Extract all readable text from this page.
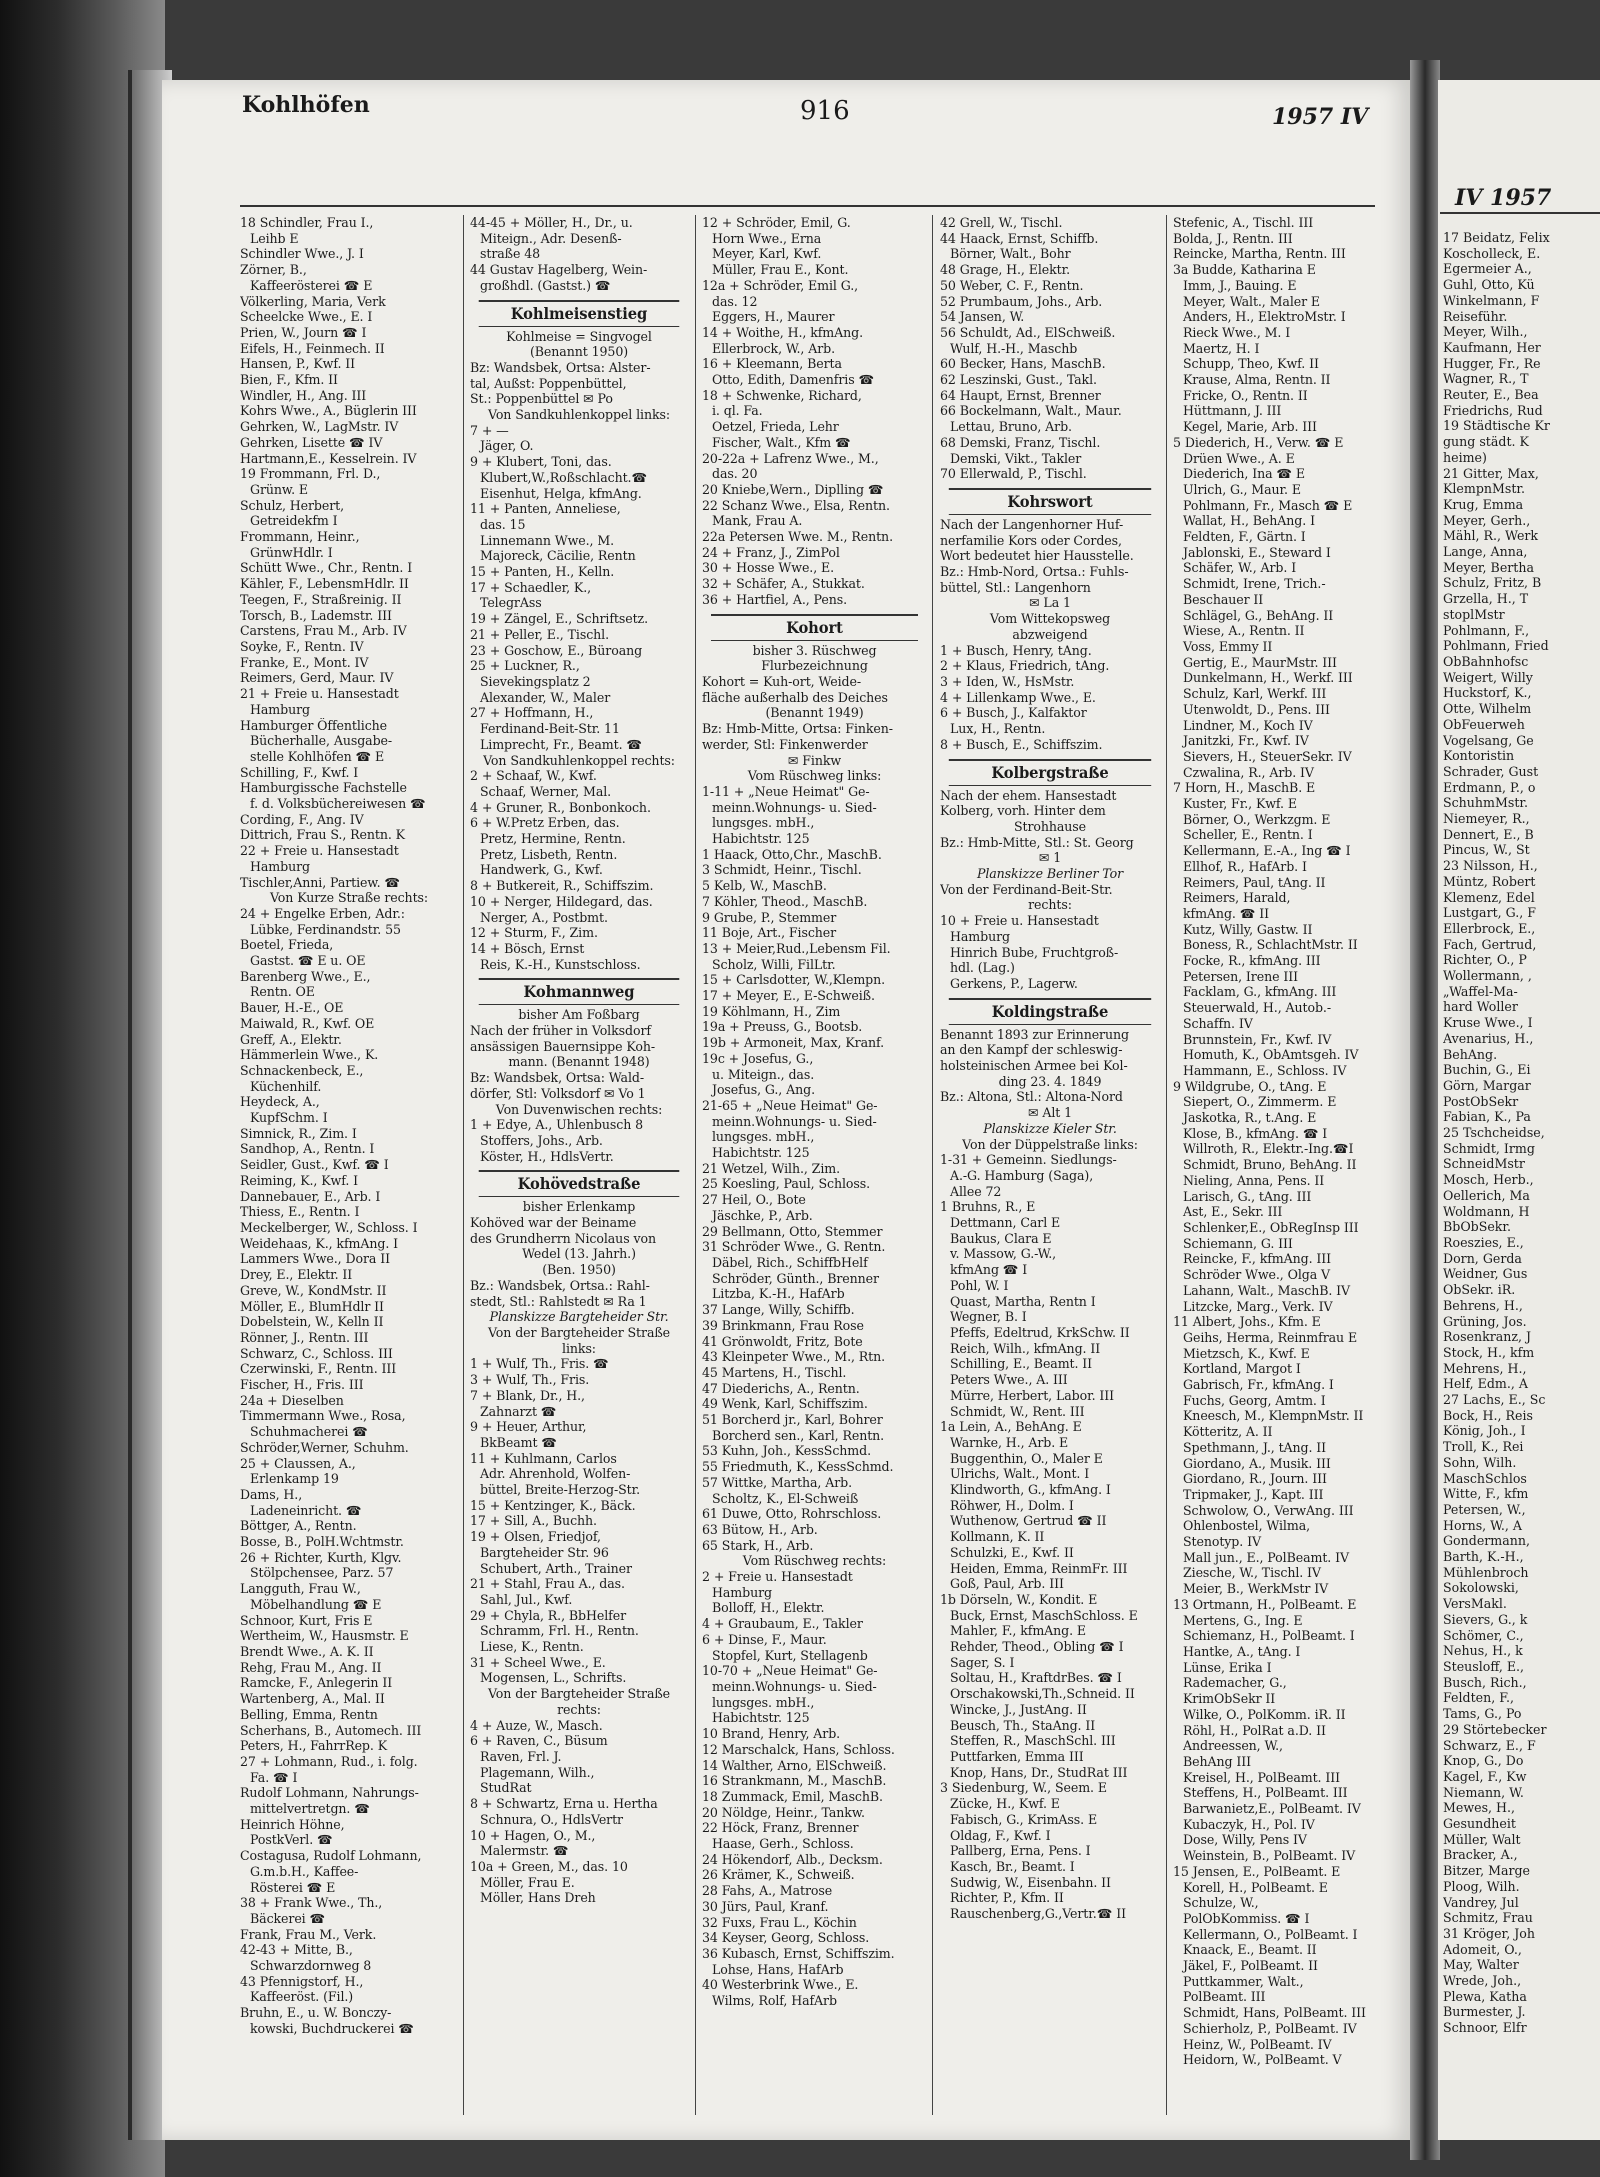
Kohlhöfen	916	1957 IV
18 Schindler, Frau I.,
Leihb E
Schindler Wwe., J. I
Zörner, B.,
Kaffeerösterei ☎ E
Völkerling, Maria, Verk
Scheelcke Wwe., E. I
Prien, W., Journ ☎ I
Eifels, H., Feinmech. II
Hansen, P., Kwf. II
Bien, F., Kfm. II
Windler, H., Ang. III
Kohrs Wwe., A., Büglerin III
Gehrken, W., LagMstr. IV
Gehrken, Lisette ☎ IV
Hartmann,E., Kesselrein. IV
19 Frommann, Frl. D.,
Grünw. E
Schulz, Herbert,
Getreidekfm I
Frommann, Heinr.,
GrünwHdlr. I
Schütt Wwe., Chr., Rentn. I
Kähler, F., LebensmHdlr. II
Teegen, F., Straßreinig. II
Torsch, B., Lademstr. III
Carstens, Frau M., Arb. IV
Soyke, F., Rentn. IV
Franke, E., Mont. IV
Reimers, Gerd, Maur. IV
21 + Freie u. Hansestadt
Hamburg
Hamburger Öffentliche
Bücherhalle, Ausgabe-
stelle Kohlhöfen ☎ E
Schilling, F., Kwf. I
Hamburgissche Fachstelle
f. d. Volksbüchereiwesen ☎
Cording, F., Ang. IV
Dittrich, Frau S., Rentn. K
22 + Freie u. Hansestadt
Hamburg
Tischler,Anni, Partiew. ☎
Von Kurze Straße rechts:
24 + Engelke Erben, Adr.:
Lübke, Ferdinandstr. 55
Boetel, Frieda,
Gastst. ☎ E u. OE
Barenberg Wwe., E.,
Rentn. OE
Bauer, H.-E., OE
Maiwald, R., Kwf. OE
Greff, A., Elektr.
Hämmerlein Wwe., K.
Schnackenbeck, E.,
Küchenhilf.
Heydeck, A.,
KupfSchm. I
Simnick, R., Zim. I
Sandhop, A., Rentn. I
Seidler, Gust., Kwf. ☎ I
Reiming, K., Kwf. I
Dannebauer, E., Arb. I
Thiess, E., Rentn. I
Meckelberger, W., Schloss. I
Weidehaas, K., kfmAng. I
Lammers Wwe., Dora II
Drey, E., Elektr. II
Greve, W., KondMstr. II
Möller, E., BlumHdlr II
Dobelstein, W., Kelln II
Rönner, J., Rentn. III
Schwarz, C., Schloss. III
Czerwinski, F., Rentn. III
Fischer, H., Fris. III
24a + Dieselben
Timmermann Wwe., Rosa,
Schuhmacherei ☎
Schröder,Werner, Schuhm.
25 + Claussen, A.,
Erlenkamp 19
Dams, H.,
Ladeneinricht. ☎
Böttger, A., Rentn.
Bosse, B., PolH.Wchtmstr.
26 + Richter, Kurth, Klgv.
Stölpchensee, Parz. 57
Langguth, Frau W.,
Möbelhandlung ☎ E
Schnoor, Kurt, Fris E
Wertheim, W., Hausmstr. E
Brendt Wwe., A. K. II
Rehg, Frau M., Ang. II
Ramcke, F., Anlegerin II
Wartenberg, A., Mal. II
Belling, Emma, Rentn
Scherhans, B., Automech. III
Peters, H., FahrrRep. K
27 + Lohmann, Rud., i. folg.
Fa. ☎ I
Rudolf Lohmann, Nahrungs-
mittelvertretgn. ☎
Heinrich Höhne,
PostkVerl. ☎
Costagusa, Rudolf Lohmann,
G.m.b.H., Kaffee-
Rösterei ☎ E
38 + Frank Wwe., Th.,
Bäckerei ☎
Frank, Frau M., Verk.
42-43 + Mitte, B.,
Schwarzdornweg 8
43 Pfennigstorf, H.,
Kaffeeröst. (Fil.)
Bruhn, E., u. W. Bonczy-
kowski, Buchdruckerei ☎
44-45 + Möller, H., Dr., u.
Miteign., Adr. Desenß-
straße 48
44 Gustav Hagelberg, Wein-
großhdl. (Gastst.) ☎
Kohlmeisenstieg
Kohlmeise = Singvogel
(Benannt 1950)
Bz: Wandsbek, Ortsa: Alster-
tal, Außst: Poppenbüttel,
St.: Poppenbüttel ✉ Po
Von Sandkuhlenkoppel links:
7 + —
Jäger, O.
9 + Klubert, Toni, das.
Klubert,W.,Roßschlacht.☎
Eisenhut, Helga, kfmAng.
11 + Panten, Anneliese,
das. 15
Linnemann Wwe., M.
Majoreck, Cäcilie, Rentn
15 + Panten, H., Kelln.
17 + Schaedler, K.,
TelegrAss
19 + Zängel, E., Schriftsetz.
21 + Peller, E., Tischl.
23 + Goschow, E., Büroang
25 + Luckner, R.,
Sievekingsplatz 2
Alexander, W., Maler
27 + Hoffmann, H.,
Ferdinand-Beit-Str. 11
Limprecht, Fr., Beamt. ☎
Von Sandkuhlenkoppel rechts:
2 + Schaaf, W., Kwf.
Schaaf, Werner, Mal.
4 + Gruner, R., Bonbonkoch.
6 + W.Pretz Erben, das.
Pretz, Hermine, Rentn.
Pretz, Lisbeth, Rentn.
Handwerk, G., Kwf.
8 + Butkereit, R., Schiffszim.
10 + Nerger, Hildegard, das.
Nerger, A., Postbmt.
12 + Sturm, F., Zim.
14 + Bösch, Ernst
Reis, K.-H., Kunstschloss.
Kohmannweg
bisher Am Foßbarg
Nach der früher in Volksdorf
ansässigen Bauernsippe Koh-
mann. (Benannt 1948)
Bz: Wandsbek, Ortsa: Wald-
dörfer, Stl: Volksdorf ✉ Vo 1
Von Duvenwischen rechts:
1 + Edye, A., Uhlenbusch 8
Stoffers, Johs., Arb.
Köster, H., HdlsVertr.
Kohövedstraße
bisher Erlenkamp
Kohöved war der Beiname
des Grundherrn Nicolaus von
Wedel (13. Jahrh.)
(Ben. 1950)
Bz.: Wandsbek, Ortsa.: Rahl-
stedt, Stl.: Rahlstedt ✉ Ra 1
Planskizze Bargteheider Str.
Von der Bargteheider Straße
links:
1 + Wulf, Th., Fris. ☎
3 + Wulf, Th., Fris.
7 + Blank, Dr., H.,
Zahnarzt ☎
9 + Heuer, Arthur,
BkBeamt ☎
11 + Kuhlmann, Carlos
Adr. Ahrenhold, Wolfen-
büttel, Breite-Herzog-Str.
15 + Kentzinger, K., Bäck.
17 + Sill, A., Buchh.
19 + Olsen, Friedjof,
Bargteheider Str. 96
Schubert, Arth., Trainer
21 + Stahl, Frau A., das.
Sahl, Jul., Kwf.
29 + Chyla, R., BbHelfer
Schramm, Frl. H., Rentn.
Liese, K., Rentn.
31 + Scheel Wwe., E.
Mogensen, L., Schrifts.
Von der Bargteheider Straße
rechts:
4 + Auze, W., Masch.
6 + Raven, C., Büsum
Raven, Frl. J.
Plagemann, Wilh.,
StudRat
8 + Schwartz, Erna u. Hertha
Schnura, O., HdlsVertr
10 + Hagen, O., M.,
Malermstr. ☎
10a + Green, M., das. 10
Möller, Frau E.
Möller, Hans Dreh
12 + Schröder, Emil, G.
Horn Wwe., Erna
Meyer, Karl, Kwf.
Müller, Frau E., Kont.
12a + Schröder, Emil G.,
das. 12
Eggers, H., Maurer
14 + Woithe, H., kfmAng.
Ellerbrock, W., Arb.
16 + Kleemann, Berta
Otto, Edith, Damenfris ☎
18 + Schwenke, Richard,
i. ql. Fa.
Oetzel, Frieda, Lehr
Fischer, Walt., Kfm ☎
20-22a + Lafrenz Wwe., M.,
das. 20
20 Kniebe,Wern., Diplling ☎
22 Schanz Wwe., Elsa, Rentn.
Mank, Frau A.
22a Petersen Wwe. M., Rentn.
24 + Franz, J., ZimPol
30 + Hosse Wwe., E.
32 + Schäfer, A., Stukkat.
36 + Hartfiel, A., Pens.
Kohort
bisher 3. Rüschweg
Flurbezeichnung
Kohort = Kuh-ort, Weide-
fläche außerhalb des Deiches
(Benannt 1949)
Bz: Hmb-Mitte, Ortsa: Finken-
werder, Stl: Finkenwerder
✉ Finkw
Vom Rüschweg links:
1-11 + „Neue Heimat" Ge-
meinn.Wohnungs- u. Sied-
lungsges. mbH.,
Habichtstr. 125
1 Haack, Otto,Chr., MaschB.
3 Schmidt, Heinr., Tischl.
5 Kelb, W., MaschB.
7 Köhler, Theod., MaschB.
9 Grube, P., Stemmer
11 Boje, Art., Fischer
13 + Meier,Rud.,Lebensm Fil.
Scholz, Willi, FilLtr.
15 + Carlsdotter, W.,Klempn.
17 + Meyer, E., E-Schweiß.
19 Köhlmann, H., Zim
19a + Preuss, G., Bootsb.
19b + Armoneit, Max, Kranf.
19c + Josefus, G.,
u. Miteign., das.
Josefus, G., Ang.
21-65 + „Neue Heimat" Ge-
meinn.Wohnungs- u. Sied-
lungsges. mbH.,
Habichtstr. 125
21 Wetzel, Wilh., Zim.
25 Koesling, Paul, Schloss.
27 Heil, O., Bote
Jäschke, P., Arb.
29 Bellmann, Otto, Stemmer
31 Schröder Wwe., G. Rentn.
Däbel, Rich., SchiffbHelf
Schröder, Günth., Brenner
Litzba, K.-H., HafArb
37 Lange, Willy, Schiffb.
39 Brinkmann, Frau Rose
41 Grönwoldt, Fritz, Bote
43 Kleinpeter Wwe., M., Rtn.
45 Martens, H., Tischl.
47 Diederichs, A., Rentn.
49 Wenk, Karl, Schiffszim.
51 Borcherd jr., Karl, Bohrer
Borcherd sen., Karl, Rentn.
53 Kuhn, Joh., KessSchmd.
55 Friedmuth, K., KessSchmd.
57 Wittke, Martha, Arb.
Scholtz, K., El-Schweiß
61 Duwe, Otto, Rohrschloss.
63 Bütow, H., Arb.
65 Stark, H., Arb.
Vom Rüschweg rechts:
2 + Freie u. Hansestadt
Hamburg
Bolloff, H., Elektr.
4 + Graubaum, E., Takler
6 + Dinse, F., Maur.
Stopfel, Kurt, Stellagenb
10-70 + „Neue Heimat" Ge-
meinn.Wohnungs- u. Sied-
lungsges. mbH.,
Habichtstr. 125
10 Brand, Henry, Arb.
12 Marschalck, Hans, Schloss.
14 Walther, Arno, ElSchweiß.
16 Strankmann, M., MaschB.
18 Zummack, Emil, MaschB.
20 Nöldge, Heinr., Tankw.
22 Höck, Franz, Brenner
Haase, Gerh., Schloss.
24 Hökendorf, Alb., Decksm.
26 Krämer, K., Schweiß.
28 Fahs, A., Matrose
30 Jürs, Paul, Kranf.
32 Fuxs, Frau L., Köchin
34 Keyser, Georg, Schloss.
36 Kubasch, Ernst, Schiffszim.
Lohse, Hans, HafArb
40 Westerbrink Wwe., E.
Wilms, Rolf, HafArb
42 Grell, W., Tischl.
44 Haack, Ernst, Schiffb.
Börner, Walt., Bohr
48 Grage, H., Elektr.
50 Weber, C. F., Rentn.
52 Prumbaum, Johs., Arb.
54 Jansen, W.
56 Schuldt, Ad., ElSchweiß.
Wulf, H.-H., Maschb
60 Becker, Hans, MaschB.
62 Leszinski, Gust., Takl.
64 Haupt, Ernst, Brenner
66 Bockelmann, Walt., Maur.
Lettau, Bruno, Arb.
68 Demski, Franz, Tischl.
Demski, Vikt., Takler
70 Ellerwald, P., Tischl.
Kohrswort
Nach der Langenhorner Huf-
nerfamilie Kors oder Cordes,
Wort bedeutet hier Hausstelle.
Bz.: Hmb-Nord, Ortsa.: Fuhls-
büttel, Stl.: Langenhorn
✉ La 1
Vom Wittekopsweg
abzweigend
1 + Busch, Henry, tAng.
2 + Klaus, Friedrich, tAng.
3 + Iden, W., HsMstr.
4 + Lillenkamp Wwe., E.
6 + Busch, J., Kalfaktor
Lux, H., Rentn.
8 + Busch, E., Schiffszim.
Kolbergstraße
Nach der ehem. Hansestadt
Kolberg, vorh. Hinter dem
Strohhause
Bz.: Hmb-Mitte, Stl.: St. Georg
✉ 1
Planskizze Berliner Tor
Von der Ferdinand-Beit-Str.
rechts:
10 + Freie u. Hansestadt
Hamburg
Hinrich Bube, Fruchtgroß-
hdl. (Lag.)
Gerkens, P., Lagerw.
Koldingstraße
Benannt 1893 zur Erinnerung
an den Kampf der schleswig-
holsteinischen Armee bei Kol-
ding 23. 4. 1849
Bz.: Altona, Stl.: Altona-Nord
✉ Alt 1
Planskizze Kieler Str.
Von der Düppelstraße links:
1-31 + Gemeinn. Siedlungs-
A.-G. Hamburg (Saga),
Allee 72
1 Bruhns, R., E
Dettmann, Carl E
Baukus, Clara E
v. Massow, G.-W.,
kfmAng ☎ I
Pohl, W. I
Quast, Martha, Rentn I
Wegner, B. I
Pfeffs, Edeltrud, KrkSchw. II
Reich, Wilh., kfmAng. II
Schilling, E., Beamt. II
Peters Wwe., A. III
Mürre, Herbert, Labor. III
Schmidt, W., Rent. III
1a Lein, A., BehAng. E
Warnke, H., Arb. E
Buggenthin, O., Maler E
Ulrichs, Walt., Mont. I
Klindworth, G., kfmAng. I
Röhwer, H., Dolm. I
Wuthenow, Gertrud ☎ II
Kollmann, K. II
Schulzki, E., Kwf. II
Heiden, Emma, ReinmFr. III
Goß, Paul, Arb. III
1b Dörseln, W., Kondit. E
Buck, Ernst, MaschSchloss. E
Mahler, F., kfmAng. E
Rehder, Theod., Obling ☎ I
Sager, S. I
Soltau, H., KraftdrBes. ☎ I
Orschakowski,Th.,Schneid. II
Wincke, J., JustAng. II
Beusch, Th., StaAng. II
Steffen, R., MaschSchl. III
Puttfarken, Emma III
Knop, Hans, Dr., StudRat III
3 Siedenburg, W., Seem. E
Zücke, H., Kwf. E
Fabisch, G., KrimAss. E
Oldag, F., Kwf. I
Pallberg, Erna, Pens. I
Kasch, Br., Beamt. I
Sudwig, W., Eisenbahn. II
Richter, P., Kfm. II
Rauschenberg,G.,Vertr.☎ II
Stefenic, A., Tischl. III
Bolda, J., Rentn. III
Reincke, Martha, Rentn. III
3a Budde, Katharina E
Imm, J., Bauing. E
Meyer, Walt., Maler E
Anders, H., ElektroMstr. I
Rieck Wwe., M. I
Maertz, H. I
Schupp, Theo, Kwf. II
Krause, Alma, Rentn. II
Fricke, O., Rentn. II
Hüttmann, J. III
Kegel, Marie, Arb. III
5 Diederich, H., Verw. ☎ E
Drüen Wwe., A. E
Diederich, Ina ☎ E
Ulrich, G., Maur. E
Pohlmann, Fr., Masch ☎ E
Wallat, H., BehAng. I
Feldten, F., Gärtn. I
Jablonski, E., Steward I
Schäfer, W., Arb. I
Schmidt, Irene, Trich.-
Beschauer II
Schlägel, G., BehAng. II
Wiese, A., Rentn. II
Voss, Emmy II
Gertig, E., MaurMstr. III
Dunkelmann, H., Werkf. III
Schulz, Karl, Werkf. III
Utenwoldt, D., Pens. III
Lindner, M., Koch IV
Janitzki, Fr., Kwf. IV
Sievers, H., SteuerSekr. IV
Czwalina, R., Arb. IV
7 Horn, H., MaschB. E
Kuster, Fr., Kwf. E
Börner, O., Werkzgm. E
Scheller, E., Rentn. I
Kellermann, E.-A., Ing ☎ I
Ellhof, R., HafArb. I
Reimers, Paul, tAng. II
Reimers, Harald,
kfmAng. ☎ II
Kutz, Willy, Gastw. II
Boness, R., SchlachtMstr. II
Focke, R., kfmAng. III
Petersen, Irene III
Facklam, G., kfmAng. III
Steuerwald, H., Autob.-
Schaffn. IV
Brunnstein, Fr., Kwf. IV
Homuth, K., ObAmtsgeh. IV
Hammann, E., Schloss. IV
9 Wildgrube, O., tAng. E
Siepert, O., Zimmerm. E
Jaskotka, R., t.Ang. E
Klose, B., kfmAng. ☎ I
Willroth, R., Elektr.-Ing.☎I
Schmidt, Bruno, BehAng. II
Nieling, Anna, Pens. II
Larisch, G., tAng. III
Ast, E., Sekr. III
Schlenker,E., ObRegInsp III
Schiemann, G. III
Reincke, F., kfmAng. III
Schröder Wwe., Olga V
Lahann, Walt., MaschB. IV
Litzcke, Marg., Verk. IV
11 Albert, Johs., Kfm. E
Geihs, Herma, Reinmfrau E
Mietzsch, K., Kwf. E
Kortland, Margot I
Gabrisch, Fr., kfmAng. I
Fuchs, Georg, Amtm. I
Kneesch, M., KlempnMstr. II
Kötteritz, A. II
Spethmann, J., tAng. II
Giordano, A., Musik. III
Giordano, R., Journ. III
Tripmaker, J., Kapt. III
Schwolow, O., VerwAng. III
Ohlenbostel, Wilma,
Stenotyp. IV
Mall jun., E., PolBeamt. IV
Ziesche, W., Tischl. IV
Meier, B., WerkMstr IV
13 Ortmann, H., PolBeamt. E
Mertens, G., Ing. E
Schiemanz, H., PolBeamt. I
Hantke, A., tAng. I
Lünse, Erika I
Rademacher, G.,
KrimObSekr II
Wilke, O., PolKomm. iR. II
Röhl, H., PolRat a.D. II
Andreessen, W.,
BehAng III
Kreisel, H., PolBeamt. III
Steffens, H., PolBeamt. III
Barwanietz,E., PolBeamt. IV
Kubaczyk, H., Pol. IV
Dose, Willy, Pens IV
Weinstein, B., PolBeamt. IV
15 Jensen, E., PolBeamt. E
Korell, H., PolBeamt. E
Schulze, W.,
PolObKommiss. ☎ I
Kellermann, O., PolBeamt. I
Knaack, E., Beamt. II
Jäkel, F., PolBeamt. II
Puttkammer, Walt.,
PolBeamt. III
Schmidt, Hans, PolBeamt. III
Schierholz, P., PolBeamt. IV
Heinz, W., PolBeamt. IV
Heidorn, W., PolBeamt. V
IV 1957
17 Beidatz, Felix
Koscholleck, E.
Egermeier A.,
Guhl, Otto, Kü
Winkelmann, F
Reiseführ.
Meyer, Wilh.,
Kaufmann, Her
Hugger, Fr., Re
Wagner, R., T
Reuter, E., Bea
Friedrichs, Rud
19 Städtische Kr
gung städt. K
heime)
21 Gitter, Max,
KlempnMstr.
Krug, Emma
Meyer, Gerh.,
Mähl, R., Werk
Lange, Anna,
Meyer, Bertha
Schulz, Fritz, B
Grzella, H., T
stoplMstr
Pohlmann, F.,
Pohlmann, Fried
ObBahnhofsc
Weigert, Willy
Huckstorf, K.,
Otte, Wilhelm
ObFeuerweh
Vogelsang, Ge
Kontoristin
Schrader, Gust
Erdmann, P., o
SchuhmMstr.
Niemeyer, R.,
Dennert, E., B
Pincus, W., St
23 Nilsson, H.,
Müntz, Robert
Klemenz, Edel
Lustgart, G., F
Ellerbrock, E.,
Fach, Gertrud,
Richter, O., P
Wollermann, ,
„Waffel-Ma-
hard Woller
Kruse Wwe., I
Avenarius, H.,
BehAng.
Buchin, G., Ei
Görn, Margar
PostObSekr
Fabian, K., Pa
25 Tschcheidse,
Schmidt, Irmg
SchneidMstr
Mosch, Herb.,
Oellerich, Ma
Woldmann, H
BbObSekr.
Roeszies, E.,
Dorn, Gerda
Weidner, Gus
ObSekr. iR.
Behrens, H.,
Grüning, Jos.
Rosenkranz, J
Stock, H., kfm
Mehrens, H.,
Helf, Edm., A
27 Lachs, E., Sc
Bock, H., Reis
König, Joh., I
Troll, K., Rei
Sohn, Wilh.
MaschSchlos
Witte, F., kfm
Petersen, W.,
Horns, W., A
Gondermann,
Barth, K.-H.,
Mühlenbroch
Sokolowski,
VersMakl.
Sievers, G., k
Schömer, C.,
Nehus, H., k
Steusloff, E.,
Busch, Rich.,
Feldten, F.,
Tams, G., Po
29 Störtebecker
Schwarz, E., F
Knop, G., Do
Kagel, F., Kw
Niemann, W.
Mewes, H.,
Gesundheit
Müller, Walt
Bracker, A.,
Bitzer, Marge
Ploog, Wilh.
Vandrey, Jul
Schmitz, Frau
31 Kröger, Joh
Adomeit, O.,
May, Walter
Wrede, Joh.,
Plewa, Katha
Burmester, J.
Schnoor, Elfr
